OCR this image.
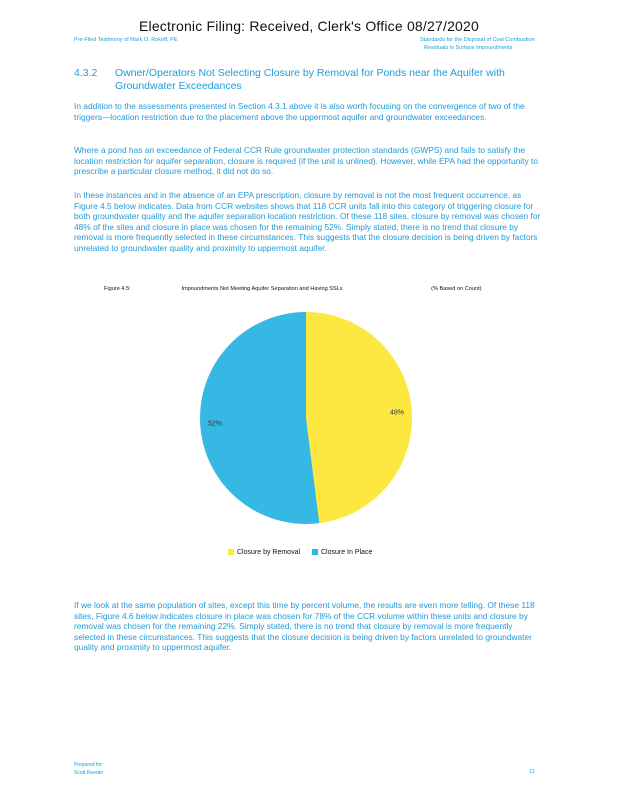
Electronic Filing: Received, Clerk's Office 08/27/2020
Pre-Filed Testimony of Mark O. Rokoff, PE	Standards for the Disposal of Coal Combustion
Residuals in Surface Impoundments
4.3.2 Owner/Operators Not Selecting Closure by Removal for Ponds near the Aquifer with Groundwater Exceedances
In addition to the assessments presented in Section 4.3.1 above it is also worth focusing on the convergence of two of the triggers—location restriction due to the placement above the uppermost aquifer and groundwater exceedances.
Where a pond has an exceedance of Federal CCR Rule groundwater protection standards (GWPS) and fails to satisfy the location restriction for aquifer separation, closure is required (if the unit is unlined). However, while EPA had the opportunity to prescribe a particular closure method, it did not do so.
In these instances and in the absence of an EPA prescription, closure by removal is not the most frequent occurrence, as Figure 4.5 below indicates. Data from CCR websites shows that 118 CCR units fall into this category of triggering closure for both groundwater quality and the aquifer separation location restriction. Of these 118 sites, closure by removal was chosen for 48% of the sites and closure in place was chosen for the remaining 52%. Simply stated, there is no trend that closure by removal is more frequently selected in these circumstances. This suggests that the closure decision is being driven by factors unrelated to groundwater quality and proximity to uppermost aquifer.
Figure 4.5:	Impoundments Not Meeting Aquifer Separation and Having SSLs	(% Based on Count)
48%
52%
Closure by Removal	Closure In Place
If we look at the same population of sites, except this time by percent volume, the results are even more telling. Of these 118 sites, Figure 4.6 below indicates closure in place was chosen for 78% of the CCR volume within these units and closure by removal was chosen for the remaining 22%. Simply stated, there is no trend that closure by removal is more frequently selected in these circumstances. This suggests that the closure decision is being driven by factors unrelated to groundwater quality and proximity to uppermost aquifer.
Prepared for:
Scott Reeder	13
